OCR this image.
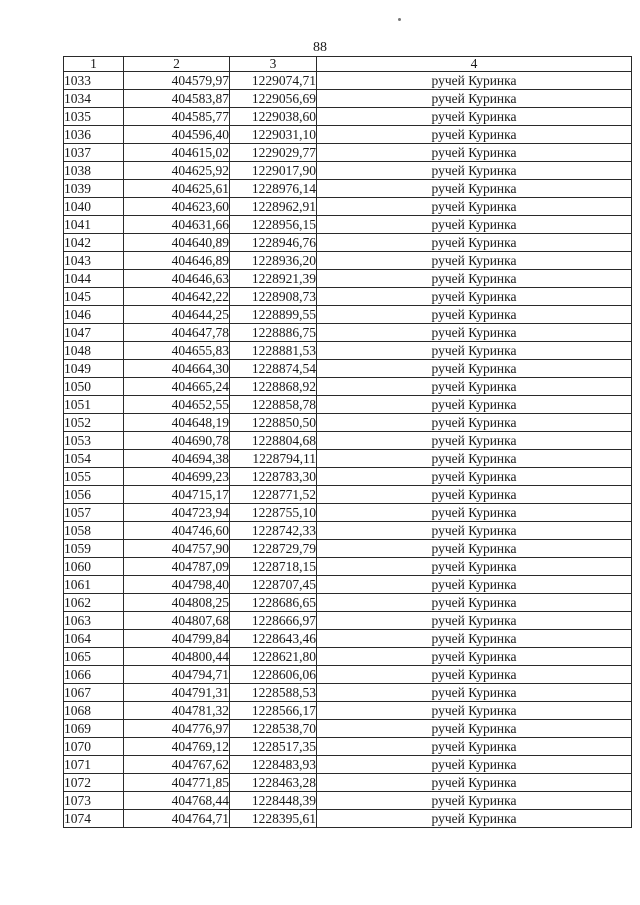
88
1	2	3	4
1033	404579,97	1229074,71	ручей Куринка
1034	404583,87	1229056,69	ручей Куринка
1035	404585,77	1229038,60	ручей Куринка
1036	404596,40	1229031,10	ручей Куринка
1037	404615,02	1229029,77	ручей Куринка
1038	404625,92	1229017,90	ручей Куринка
1039	404625,61	1228976,14	ручей Куринка
1040	404623,60	1228962,91	ручей Куринка
1041	404631,66	1228956,15	ручей Куринка
1042	404640,89	1228946,76	ручей Куринка
1043	404646,89	1228936,20	ручей Куринка
1044	404646,63	1228921,39	ручей Куринка
1045	404642,22	1228908,73	ручей Куринка
1046	404644,25	1228899,55	ручей Куринка
1047	404647,78	1228886,75	ручей Куринка
1048	404655,83	1228881,53	ручей Куринка
1049	404664,30	1228874,54	ручей Куринка
1050	404665,24	1228868,92	ручей Куринка
1051	404652,55	1228858,78	ручей Куринка
1052	404648,19	1228850,50	ручей Куринка
1053	404690,78	1228804,68	ручей Куринка
1054	404694,38	1228794,11	ручей Куринка
1055	404699,23	1228783,30	ручей Куринка
1056	404715,17	1228771,52	ручей Куринка
1057	404723,94	1228755,10	ручей Куринка
1058	404746,60	1228742,33	ручей Куринка
1059	404757,90	1228729,79	ручей Куринка
1060	404787,09	1228718,15	ручей Куринка
1061	404798,40	1228707,45	ручей Куринка
1062	404808,25	1228686,65	ручей Куринка
1063	404807,68	1228666,97	ручей Куринка
1064	404799,84	1228643,46	ручей Куринка
1065	404800,44	1228621,80	ручей Куринка
1066	404794,71	1228606,06	ручей Куринка
1067	404791,31	1228588,53	ручей Куринка
1068	404781,32	1228566,17	ручей Куринка
1069	404776,97	1228538,70	ручей Куринка
1070	404769,12	1228517,35	ручей Куринка
1071	404767,62	1228483,93	ручей Куринка
1072	404771,85	1228463,28	ручей Куринка
1073	404768,44	1228448,39	ручей Куринка
1074	404764,71	1228395,61	ручей Куринка
